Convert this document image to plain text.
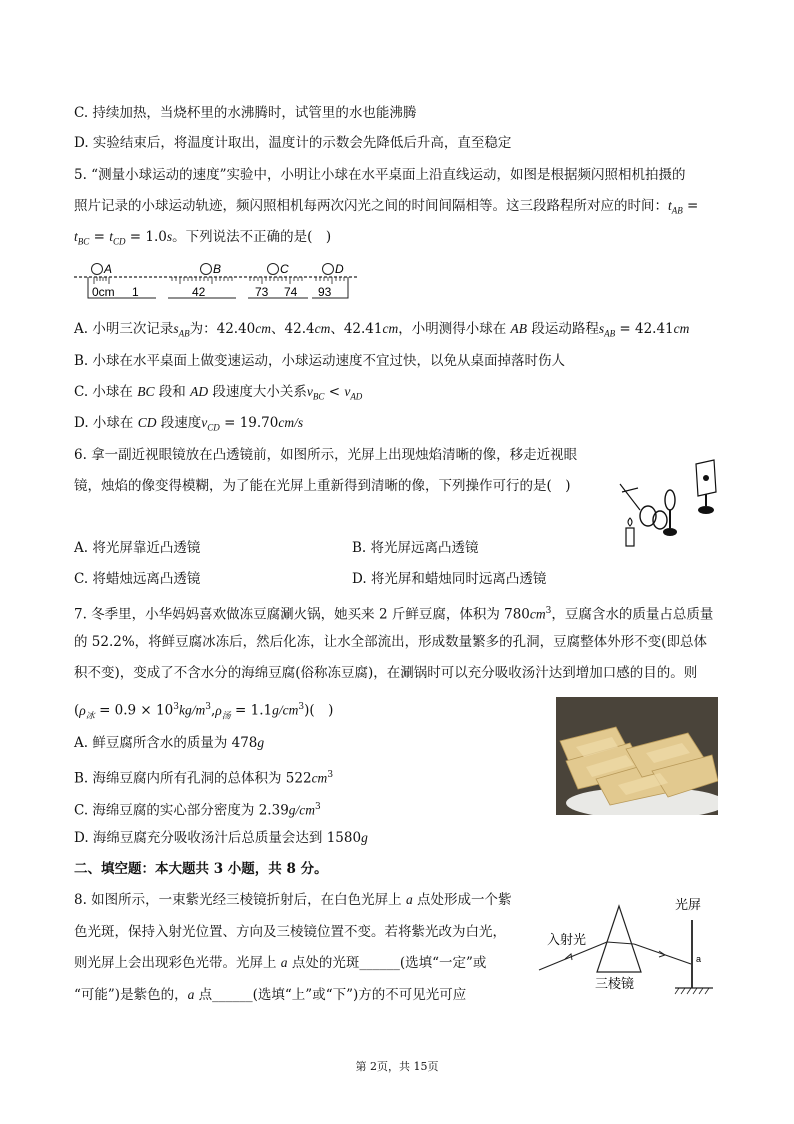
C. 持续加热，当烧杯里的水沸腾时，试管里的水也能沸腾
D. 实验结束后，将温度计取出，温度计的示数会先降低后升高，直至稳定
5. “测量小球运动的速度”实验中，小明让小球在水平桌面上沿直线运动，如图是根据频闪照相机拍摄的
照片记录的小球运动轨迹，频闪照相机每两次闪光之间的时间间隔相等。这三段路程所对应的时间：$t_{AB}$ =
$t_{BC} = t_{CD} = 1.0s$。下列说法不正确的是(　)
A	B	C	D
0cm 1	42	73 74 93
A. 小明三次记录$s_{AB}$为：42.40cm、42.4cm、42.41cm，小明测得小球在 AB 段运动路程$s_{AB} = 42.41cm$
B. 小球在水平桌面上做变速运动，小球运动速度不宜过快，以免从桌面掉落时伤人
C. 小球在 BC 段和 AD 段速度大小关系$v_{BC} < v_{AD}$
D. 小球在 CD 段速度$v_{CD} = 19.70cm/s$
6. 拿一副近视眼镜放在凸透镜前，如图所示，光屏上出现烛焰清晰的像，移走近视眼
镜，烛焰的像变得模糊，为了能在光屏上重新得到清晰的像，下列操作可行的是(　)
A. 将光屏靠近凸透镜	B. 将光屏远离凸透镜
C. 将蜡烛远离凸透镜	D. 将光屏和蜡烛同时远离凸透镜
7. 冬季里，小华妈妈喜欢做冻豆腐涮火锅，她买来 2 斤鲜豆腐，体积为 $780cm^3$，豆腐含水的质量占总质量
的 52.2%，将鲜豆腐冰冻后，然后化冻，让水全部流出，形成数量繁多的孔洞，豆腐整体外形不变(即总体
积不变)，变成了不含水分的海绵豆腐(俗称冻豆腐)，在涮锅时可以充分吸收汤汁达到增加口感的目的。则
$(\rho_冰 = 0.9 \times 10^3kg/m^3,\rho_汤 = 1.1g/cm^3)$(　)
A. 鲜豆腐所含水的质量为 478g
B. 海绵豆腐内所有孔洞的总体积为 $522cm^3$
C. 海绵豆腐的实心部分密度为 $2.39g/cm^3$
D. 海绵豆腐充分吸收汤汁后总质量会达到 1580g
二、填空题：本大题共 3 小题，共 8 分。
8. 如图所示，一束紫光经三棱镜折射后，在白色光屏上 a 点处形成一个紫
色光斑，保持入射光位置、方向及三棱镜位置不变。若将紫光改为白光，
则光屏上会出现彩色光带。光屏上 a 点处的光斑______(选填“一定”或
“可能”)是紫色的，a 点______(选填“上”或“下”)方的不可见光可应
光屏
入射光
三棱镜
a
第 2页，共 15页
